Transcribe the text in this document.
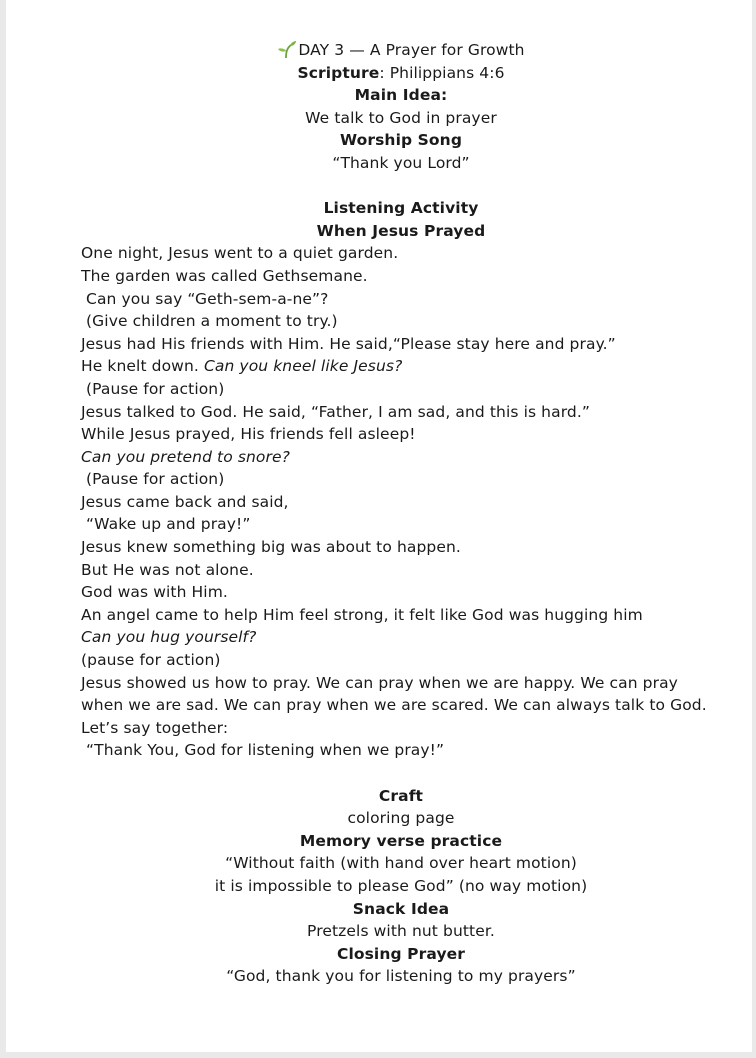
DAY 3 — A Prayer for Growth
Scripture: Philippians 4:6
Main Idea:
We talk to God in prayer
Worship Song
“Thank you Lord”
Listening Activity
When Jesus Prayed
One night, Jesus went to a quiet garden.
The garden was called Gethsemane.
Can you say “Geth-sem-a-ne”?
(Give children a moment to try.)
Jesus had His friends with Him. He said,“Please stay here and pray.”
He knelt down. Can you kneel like Jesus?
(Pause for action)
Jesus talked to God. He said, “Father, I am sad, and this is hard.”
While Jesus prayed, His friends fell asleep!
Can you pretend to snore?
(Pause for action)
Jesus came back and said,
“Wake up and pray!”
Jesus knew something big was about to happen.
But He was not alone.
God was with Him.
An angel came to help Him feel strong, it felt like God was hugging him
Can you hug yourself?
(pause for action)
Jesus showed us how to pray. We can pray when we are happy. We can pray
when we are sad. We can pray when we are scared. We can always talk to God.
Let’s say together:
“Thank You, God for listening when we pray!”
Craft
coloring page
Memory verse practice
“Without faith (with hand over heart motion)
it is impossible to please God” (no way motion)
Snack Idea
Pretzels with nut butter.
Closing Prayer
“God, thank you for listening to my prayers”
